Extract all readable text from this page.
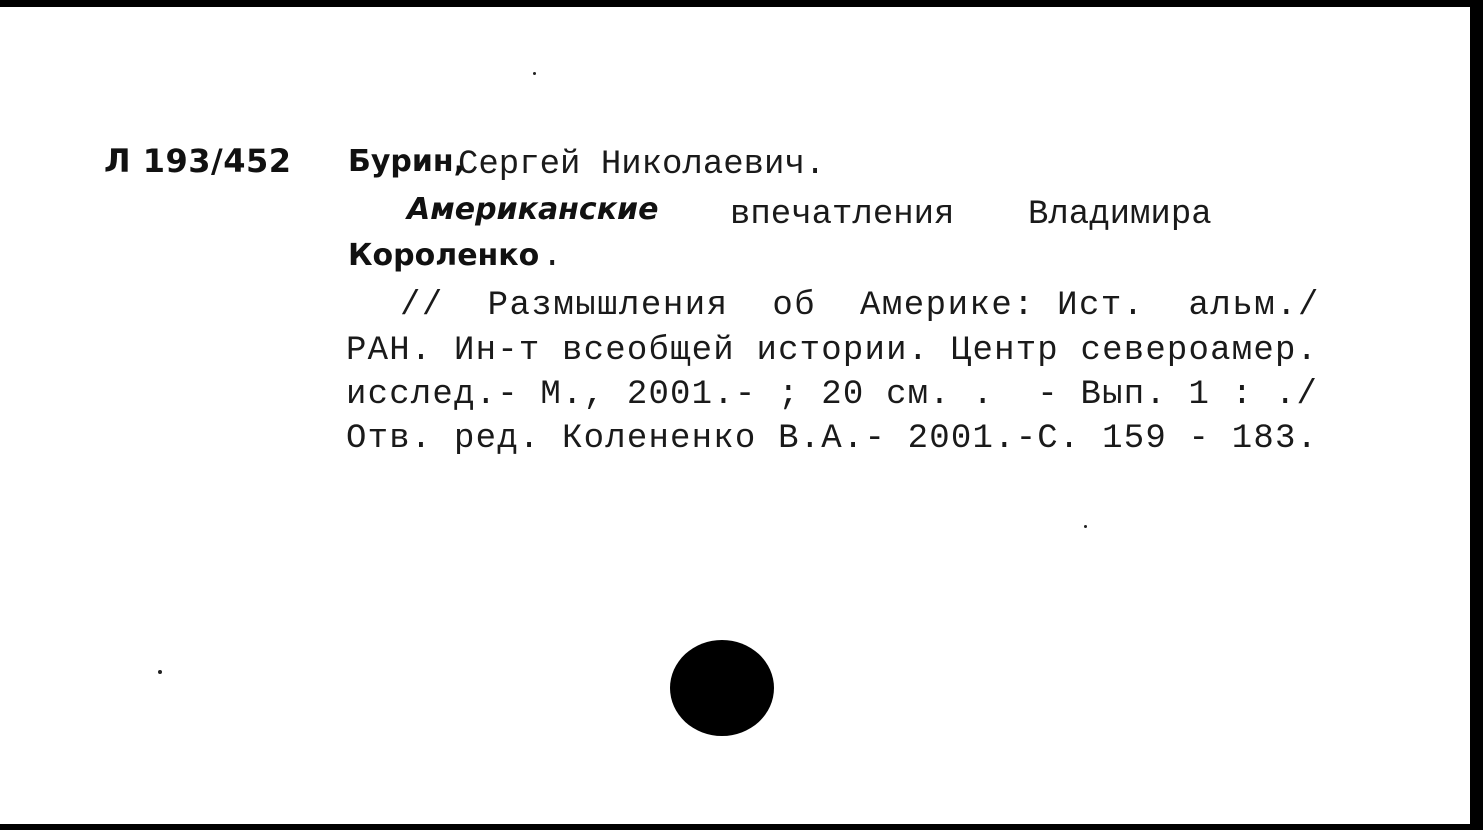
Л 193/452 Бурин,
Сергей Николаевич.
Американские впечатления Владимира
Короленко .
//  Размышления  об  Америке: Ист.  альм./
РАН. Ин-т всеобщей истории. Центр североамер.
исслед.- М., 2001.- ; 20 см. .  - Вып. 1 : ./
Отв. ред. Колененко В.А.- 2001.-С. 159 - 183.
